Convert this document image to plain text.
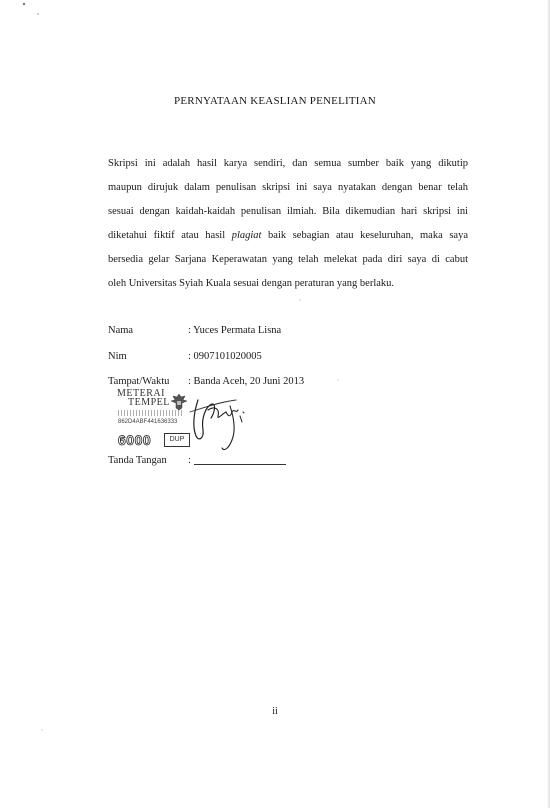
PERNYATAAN KEASLIAN PENELITIAN
Skripsi ini adalah hasil karya sendiri, dan semua sumber baik yang dikutip
maupun dirujuk dalam penulisan skripsi ini saya nyatakan dengan benar telah
sesuai dengan kaidah-kaidah penulisan ilmiah. Bila dikemudian hari skripsi ini
diketahui fiktif atau hasil plagiat baik sebagian atau keseluruhan, maka saya
bersedia gelar Sarjana Keperawatan yang telah melekat pada diri saya di cabut
oleh Universitas Syiah Kuala sesuai dengan peraturan yang berlaku.
Nama	: Yuces Permata Lisna
Nim	: 0907101020005
Tampat/Waktu : Banda Aceh, 20 Juni 2013
METERAI
TEMPEL
862D4ABF441636333
6000	DUP
Tanda Tangan :
ii
